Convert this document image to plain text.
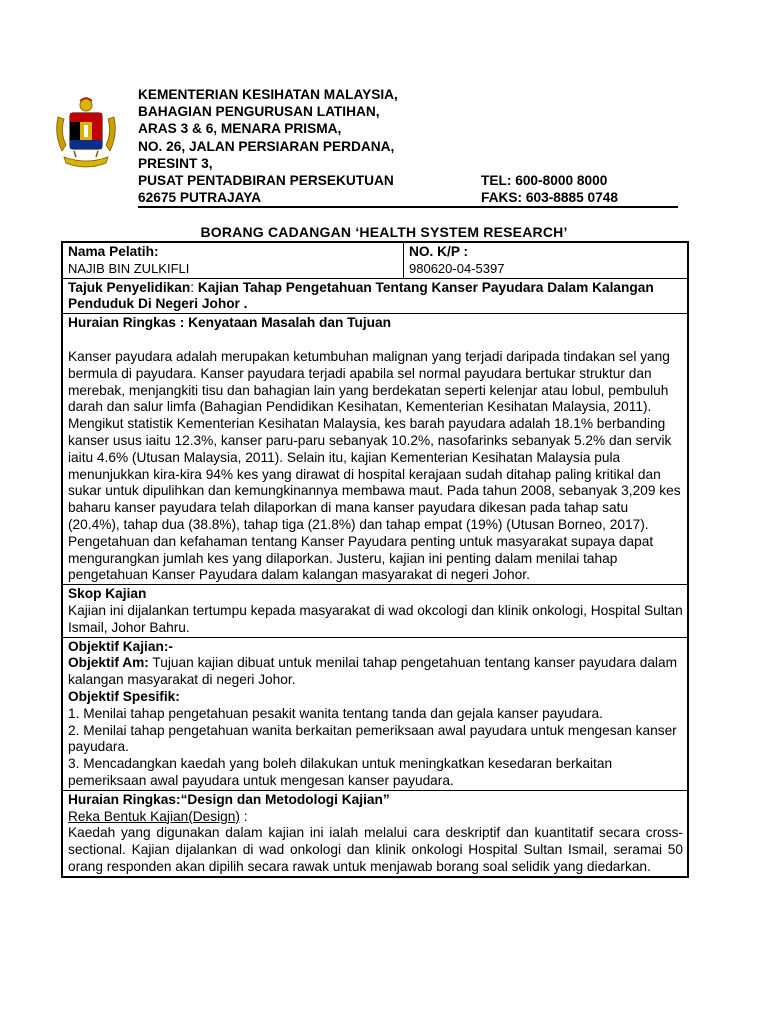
KEMENTERIAN KESIHATAN MALAYSIA,
BAHAGIAN PENGURUSAN LATIHAN,
ARAS 3 & 6, MENARA PRISMA,
NO. 26, JALAN PERSIARAN PERDANA,
PRESINT 3,
PUSAT PENTADBIRAN PERSEKUTUAN	TEL: 600-8000 8000
62675 PUTRAJAYA	FAKS: 603-8885 0748
BORANG CADANGAN ‘HEALTH SYSTEM RESEARCH’
Nama Pelatih:
NAJIB BIN ZULKIFLI
NO. K/P :
980620-04-5397
Tajuk Penyelidikan: Kajian Tahap Pengetahuan Tentang Kanser Payudara Dalam Kalangan Penduduk Di Negeri Johor .
Huraian Ringkas : Kenyataan Masalah dan Tujuan

Kanser payudara adalah merupakan ketumbuhan malignan yang terjadi daripada tindakan sel yang bermula di payudara. Kanser payudara terjadi apabila sel normal payudara bertukar struktur dan merebak, menjangkiti tisu dan bahagian lain yang berdekatan seperti kelenjar atau lobul, pembuluh darah dan salur limfa (Bahagian Pendidikan Kesihatan, Kementerian Kesihatan Malaysia, 2011). Mengikut statistik Kementerian Kesihatan Malaysia, kes barah payudara adalah 18.1% berbanding kanser usus iaitu 12.3%, kanser paru-paru sebanyak 10.2%, nasofarinks sebanyak 5.2% dan servik iaitu 4.6% (Utusan Malaysia, 2011). Selain itu, kajian Kementerian Kesihatan Malaysia pula menunjukkan kira-kira 94% kes yang dirawat di hospital kerajaan sudah ditahap paling kritikal dan sukar untuk dipulihkan dan kemungkinannya membawa maut. Pada tahun 2008, sebanyak 3,209 kes baharu kanser payudara telah dilaporkan di mana kanser payudara dikesan pada tahap satu (20.4%), tahap dua (38.8%), tahap tiga (21.8%) dan tahap empat (19%) (Utusan Borneo, 2017). Pengetahuan dan kefahaman tentang Kanser Payudara penting untuk masyarakat supaya dapat mengurangkan jumlah kes yang dilaporkan. Justeru, kajian ini penting dalam menilai tahap pengetahuan Kanser Payudara dalam kalangan masyarakat di negeri Johor.

Skop Kajian

Kajian ini dijalankan tertumpu kepada masyarakat di wad okcologi dan klinik onkologi, Hospital Sultan Ismail, Johor Bahru.

Objektif Kajian:-

Objektif Am: Tujuan kajian dibuat untuk menilai tahap pengetahuan tentang kanser payudara dalam kalangan masyarakat di negeri Johor.

Objektif Spesifik:

1. Menilai tahap pengetahuan pesakit wanita tentang tanda dan gejala kanser payudara.

2. Menilai tahap pengetahuan wanita berkaitan pemeriksaan awal payudara untuk mengesan kanser payudara.

3. Mencadangkan kaedah yang boleh dilakukan untuk meningkatkan kesedaran berkaitan pemeriksaan awal payudara untuk mengesan kanser payudara.

Huraian Ringkas:“Design dan Metodologi Kajian”
Reka Bentuk Kajian(Design) :

Kaedah yang digunakan dalam kajian ini ialah melalui cara deskriptif dan kuantitatif secara cross- sectional. Kajian dijalankan di wad onkologi dan klinik onkologi Hospital Sultan Ismail, seramai 50 orang responden akan dipilih secara rawak untuk menjawab borang soal selidik yang diedarkan.
